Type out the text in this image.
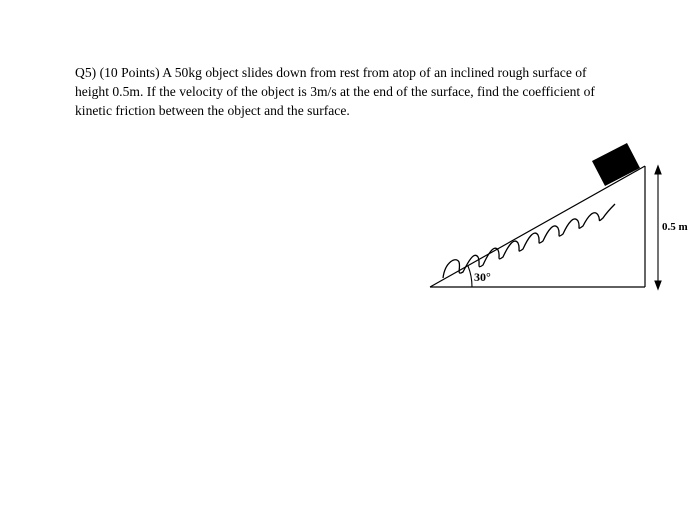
Q5) (10 Points) A 50kg object slides down from rest from atop of an inclined rough surface of
height 0.5m. If the velocity of the object is 3m/s at the end of the surface, find the coefficient of
kinetic friction between the object and the surface.
30°
0.5 m
